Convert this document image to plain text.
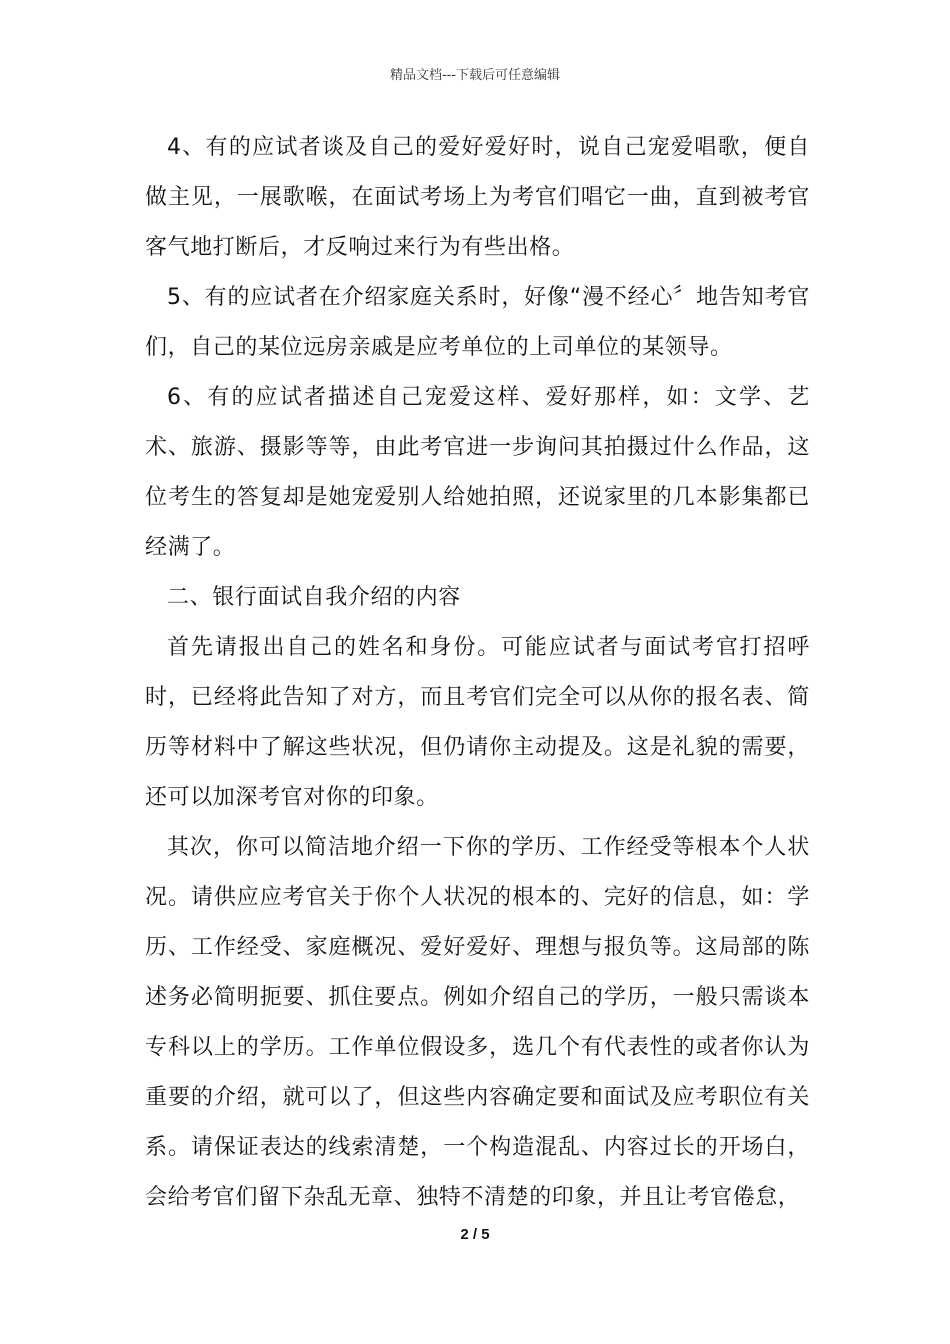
精品文档---下载后可任意编辑

4、有的应试者谈及自己的爱好爱好时，说自己宠爱唱歌，便自做主见，一展歌喉，在面试考场上为考官们唱它一曲，直到被考官客气地打断后，才反响过来行为有些出格。

5、有的应试者在介绍家庭关系时，好像“漫不经心〞地告知考官们，自己的某位远房亲戚是应考单位的上司单位的某领导。

6、有的应试者描述自己宠爱这样、爱好那样，如：文学、艺术、旅游、摄影等等，由此考官进一步询问其拍摄过什么作品，这位考生的答复却是她宠爱别人给她拍照，还说家里的几本影集都已经满了。

二、银行面试自我介绍的内容

首先请报出自己的姓名和身份。可能应试者与面试考官打招呼时，已经将此告知了对方，而且考官们完全可以从你的报名表、简历等材料中了解这些状况，但仍请你主动提及。这是礼貌的需要，还可以加深考官对你的印象。

其次，你可以简洁地介绍一下你的学历、工作经受等根本个人状况。请供应应考官关于你个人状况的根本的、完好的信息，如：学历、工作经受、家庭概况、爱好爱好、理想与报负等。这局部的陈述务必简明扼要、抓住要点。例如介绍自己的学历，一般只需谈本专科以上的学历。工作单位假设多，选几个有代表性的或者你认为重要的介绍，就可以了，但这些内容确定要和面试及应考职位有关系。请保证表达的线索清楚，一个构造混乱、内容过长的开场白，会给考官们留下杂乱无章、独特不清楚的印象，并且让考官倦怠，

2 / 5
